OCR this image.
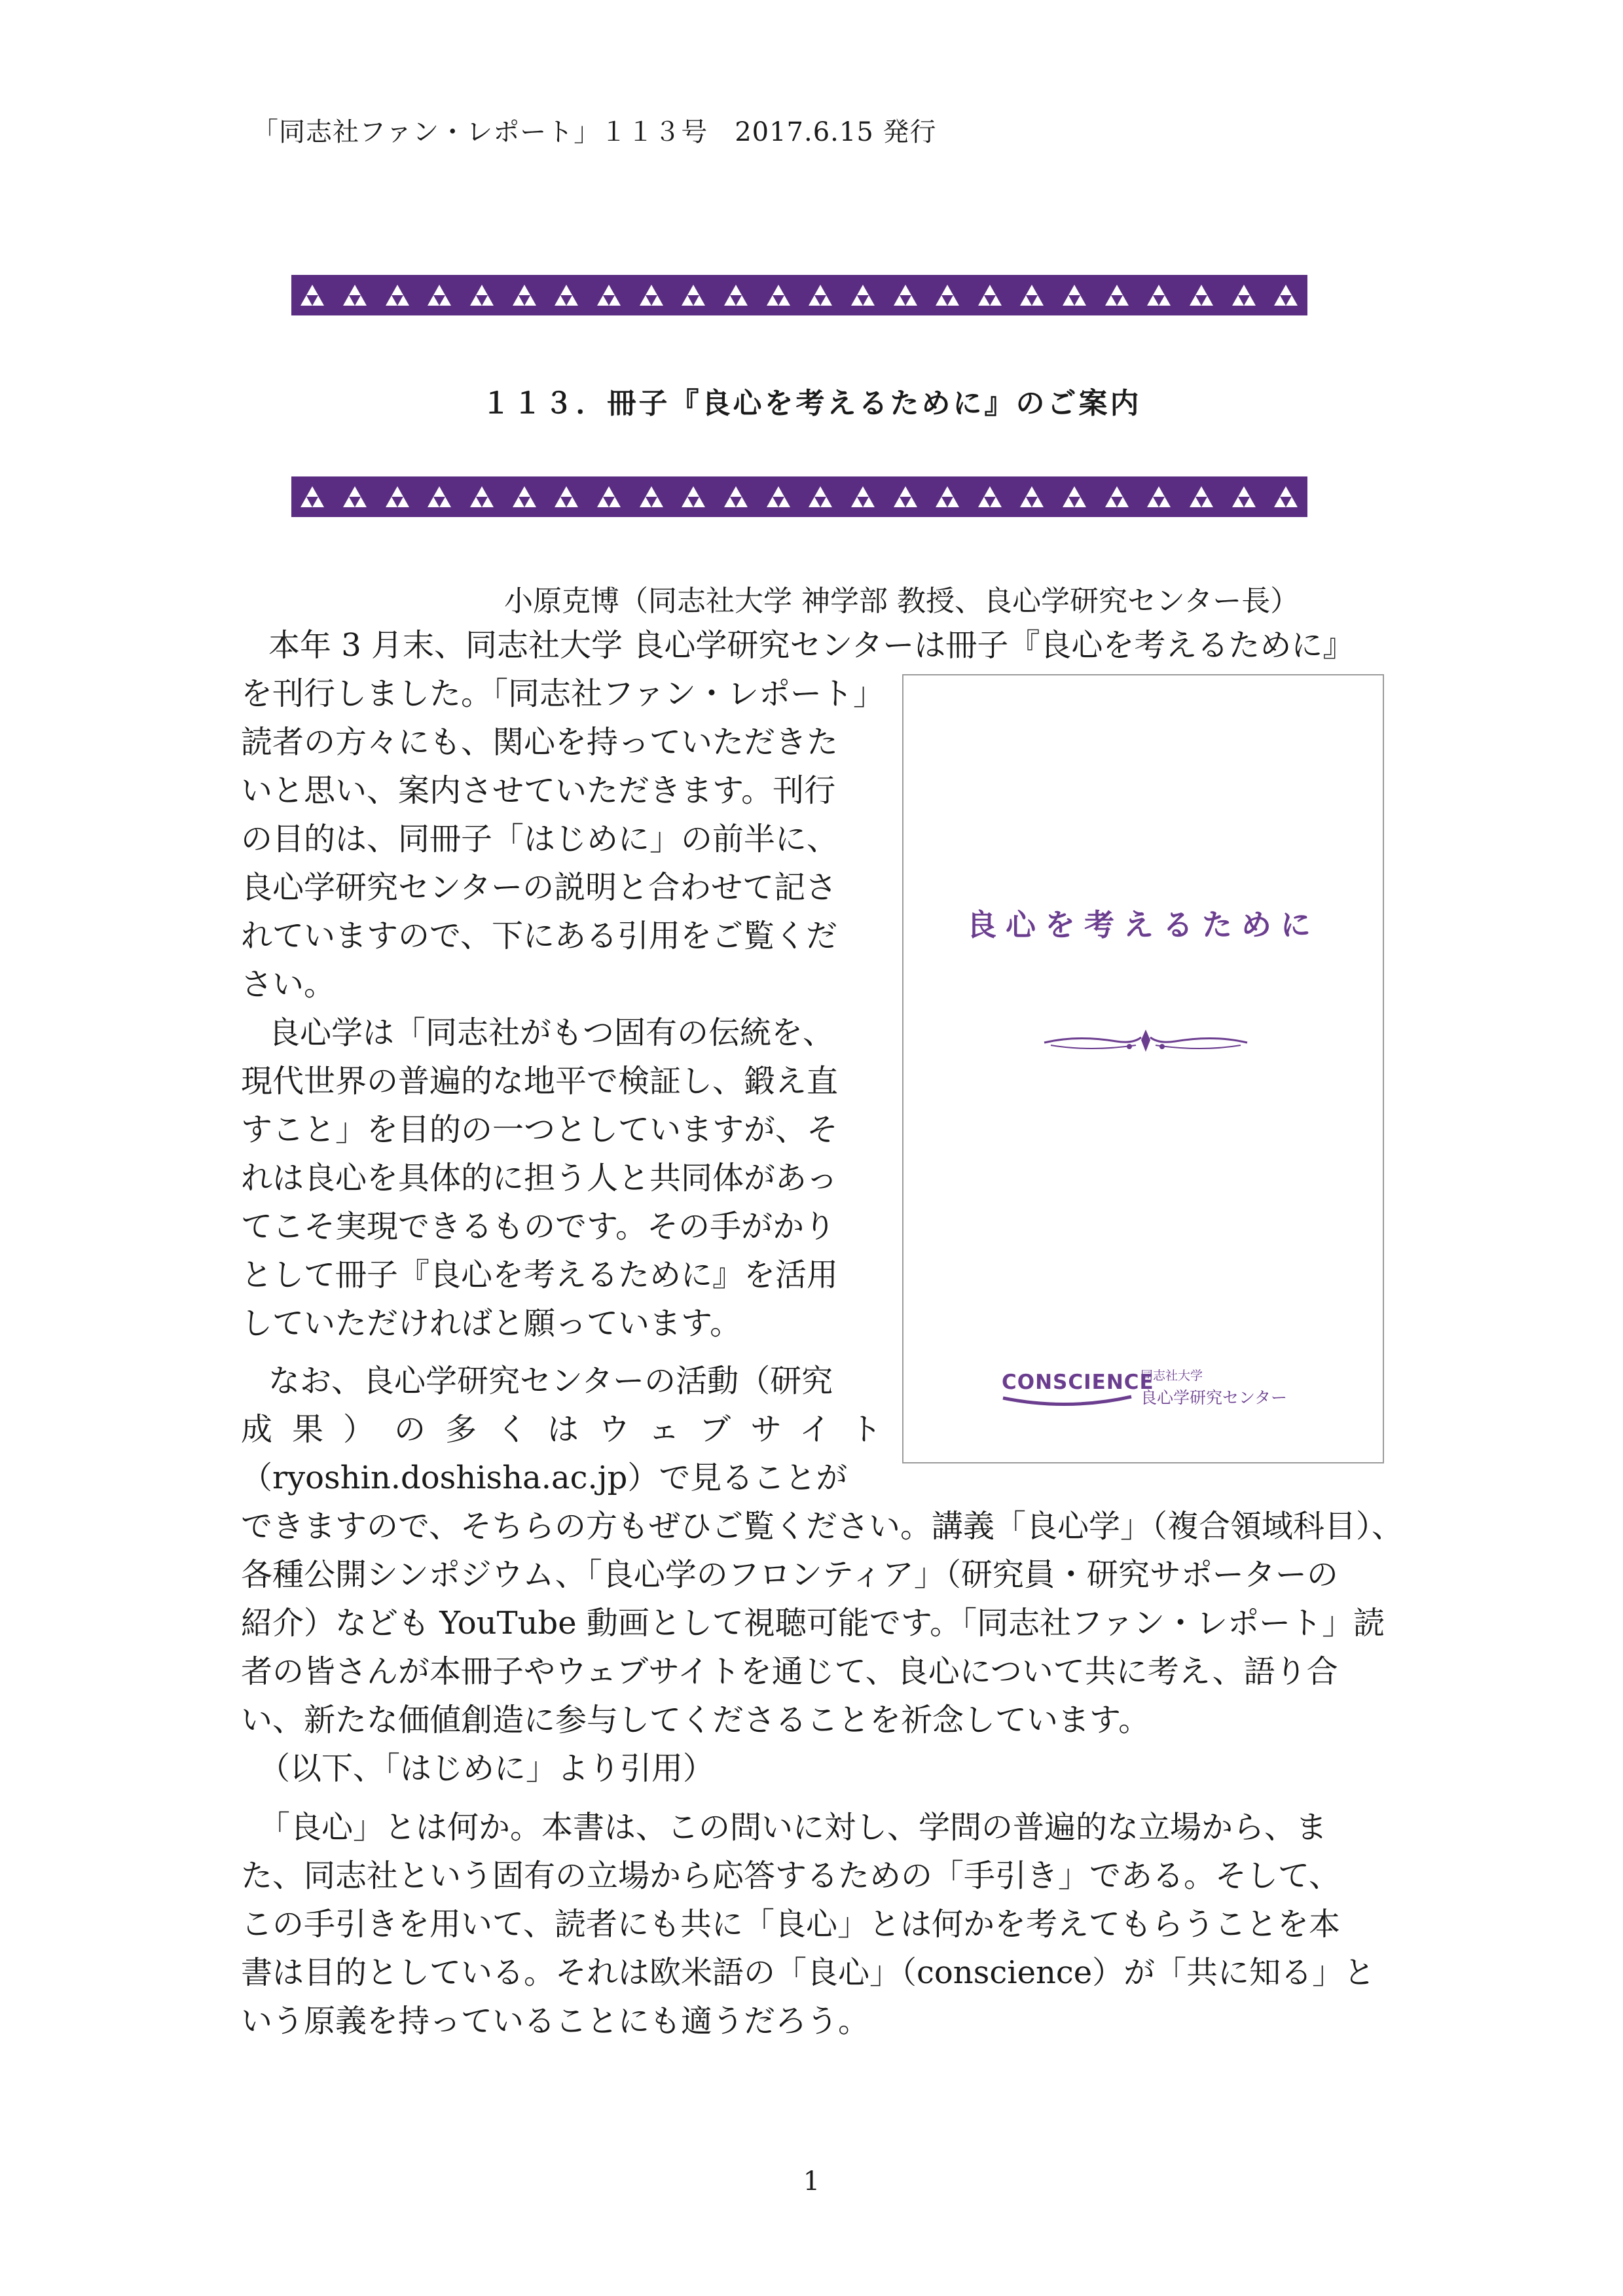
「同志社ファン・レポート」１１３号　2017.6.15 発行
１１３．冊子『良心を考えるために』のご案内
小原克博（同志社大学 神学部 教授、良心学研究センター長）
本年 3 月末、同志社大学 良心学研究センターは冊子『良心を考えるために』
を刊行しました。「同志社ファン・レポート」
読者の方々にも、関心を持っていただきた
いと思い、案内させていただきます。刊行
の目的は、同冊子「はじめに」の前半に、
良心学研究センターの説明と合わせて記さ
れていますので、下にある引用をご覧くだ
さい。
良心学は「同志社がもつ固有の伝統を、
現代世界の普遍的な地平で検証し、鍛え直
すこと」を目的の一つとしていますが、そ
れは良心を具体的に担う人と共同体があっ
てこそ実現できるものです。その手がかり
として冊子『良心を考えるために』を活用
していただければと願っています。
なお、良心学研究センターの活動（研究
成果）の多くはウェブサイト
（ryoshin.doshisha.ac.jp）で見ることが
できますので、そちらの方もぜひご覧ください。講義「良心学」（複合領域科目）、
各種公開シンポジウム、「良心学のフロンティア」（研究員・研究サポーターの
紹介）なども YouTube 動画として視聴可能です。「同志社ファン・レポート」読
者の皆さんが本冊子やウェブサイトを通じて、良心について共に考え、語り合
い、新たな価値創造に参与してくださることを祈念しています。
（以下、「はじめに」より引用）
「良心」とは何か。本書は、この問いに対し、学問の普遍的な立場から、ま
た、同志社という固有の立場から応答するための「手引き」である。そして、
この手引きを用いて、読者にも共に「良心」とは何かを考えてもらうことを本
書は目的としている。それは欧米語の「良心」（conscience）が「共に知る」と
いう原義を持っていることにも適うだろう。
良心を考えるために
CONSCIENCE
同志社大学
良心学研究センター
1
